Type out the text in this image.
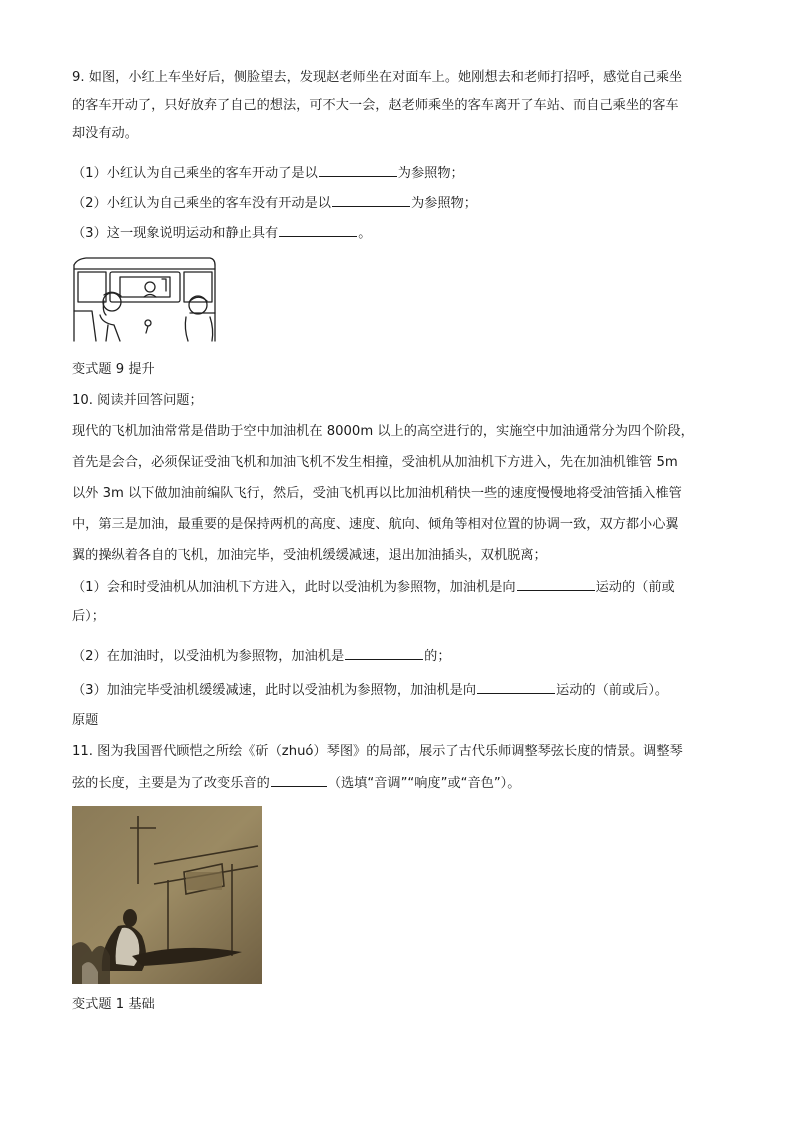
9. 如图，小红上车坐好后，侧脸望去，发现赵老师坐在对面车上。她刚想去和老师打招呼，感觉自己乘坐
的客车开动了，只好放弃了自己的想法，可不大一会，赵老师乘坐的客车离开了车站、而自己乘坐的客车
却没有动。
（1）小红认为自己乘坐的客车开动了是以	为参照物；
（2）小红认为自己乘坐的客车没有开动是以	为参照物；
（3）这一现象说明运动和静止具有	。
变式题 9 提升
10. 阅读并回答问题；
现代的飞机加油常常是借助于空中加油机在 8000m 以上的高空进行的，实施空中加油通常分为四个阶段，
首先是会合，必须保证受油飞机和加油飞机不发生相撞，受油机从加油机下方进入，先在加油机锥管 5m
以外 3m 以下做加油前编队飞行，然后，受油飞机再以比加油机稍快一些的速度慢慢地将受油管插入椎管
中，第三是加油，最重要的是保持两机的高度、速度、航向、倾角等相对位置的协调一致，双方都小心翼
翼的操纵着各自的飞机，加油完毕，受油机缓缓减速，退出加油插头，双机脱离；
（1）会和时受油机从加油机下方进入，此时以受油机为参照物，加油机是向	运动的（前或
后）；
（2）在加油时，以受油机为参照物，加油机是	的；
（3）加油完毕受油机缓缓减速，此时以受油机为参照物，加油机是向	运动的（前或后）。
原题
11. 图为我国晋代顾恺之所绘《斫（zhuó）琴图》的局部，展示了古代乐师调整琴弦长度的情景。调整琴
弦的长度，主要是为了改变乐音的	（选填“音调”“响度”或“音色”）。
变式题 1 基础
